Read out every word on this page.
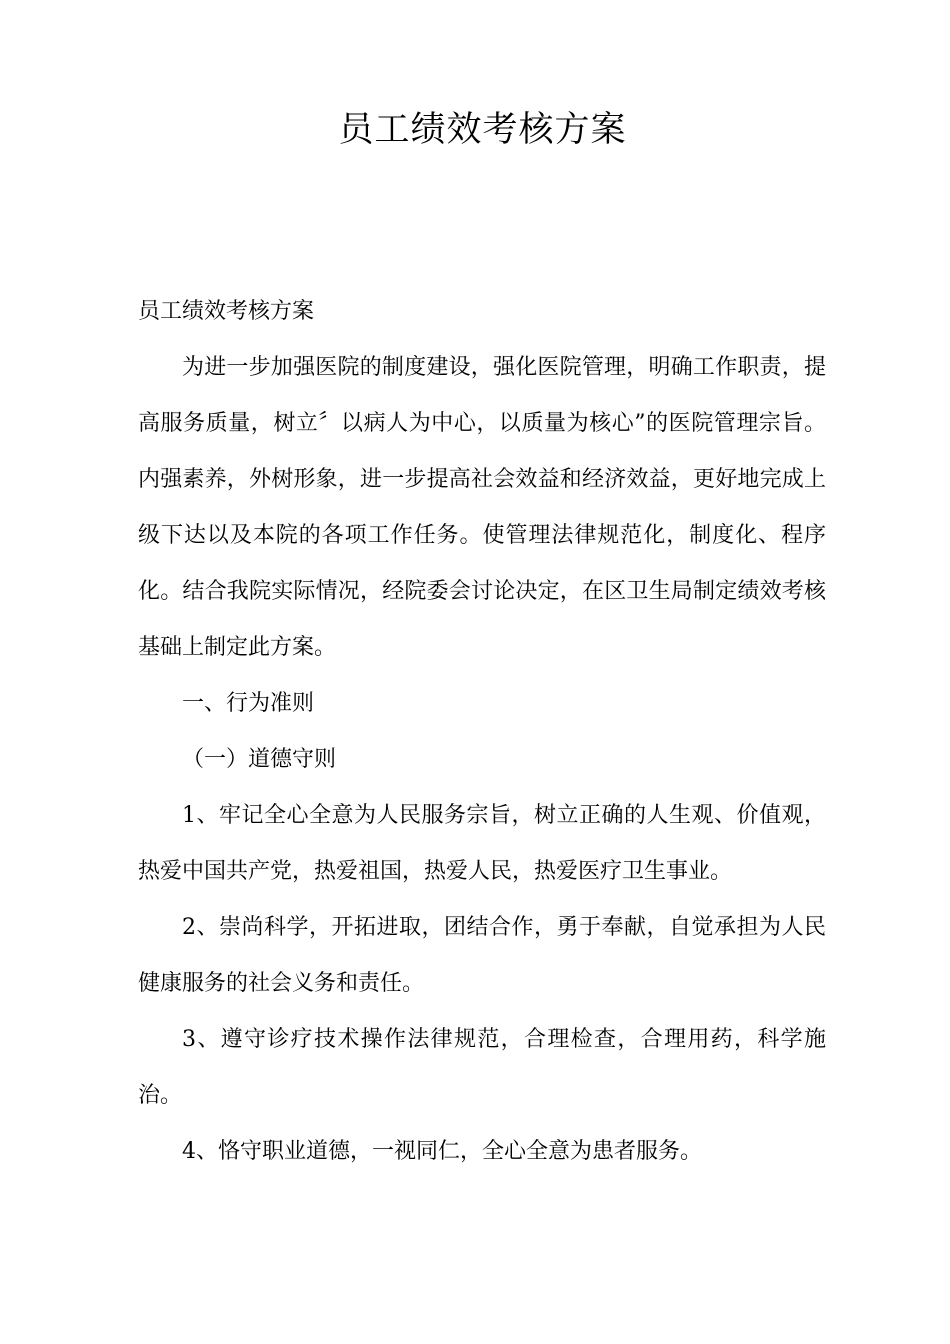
员工绩效考核方案

员工绩效考核方案

为进一步加强医院的制度建设，强化医院管理，明确工作职责，提高服务质量，树立〞以病人为中心，以质量为核心”的医院管理宗旨。内强素养，外树形象，进一步提高社会效益和经济效益，更好地完成上级下达以及本院的各项工作任务。使管理法律规范化，制度化、程序化。结合我院实际情况，经院委会讨论决定，在区卫生局制定绩效考核基础上制定此方案。

一、行为准则

（一）道德守则

1、牢记全心全意为人民服务宗旨，树立正确的人生观、价值观，热爱中国共产党，热爱祖国，热爱人民，热爱医疗卫生事业。

2、崇尚科学，开拓进取，团结合作，勇于奉献，自觉承担为人民健康服务的社会义务和责任。

3、遵守诊疗技术操作法律规范，合理检查，合理用药，科学施治。

4、恪守职业道德，一视同仁，全心全意为患者服务。
